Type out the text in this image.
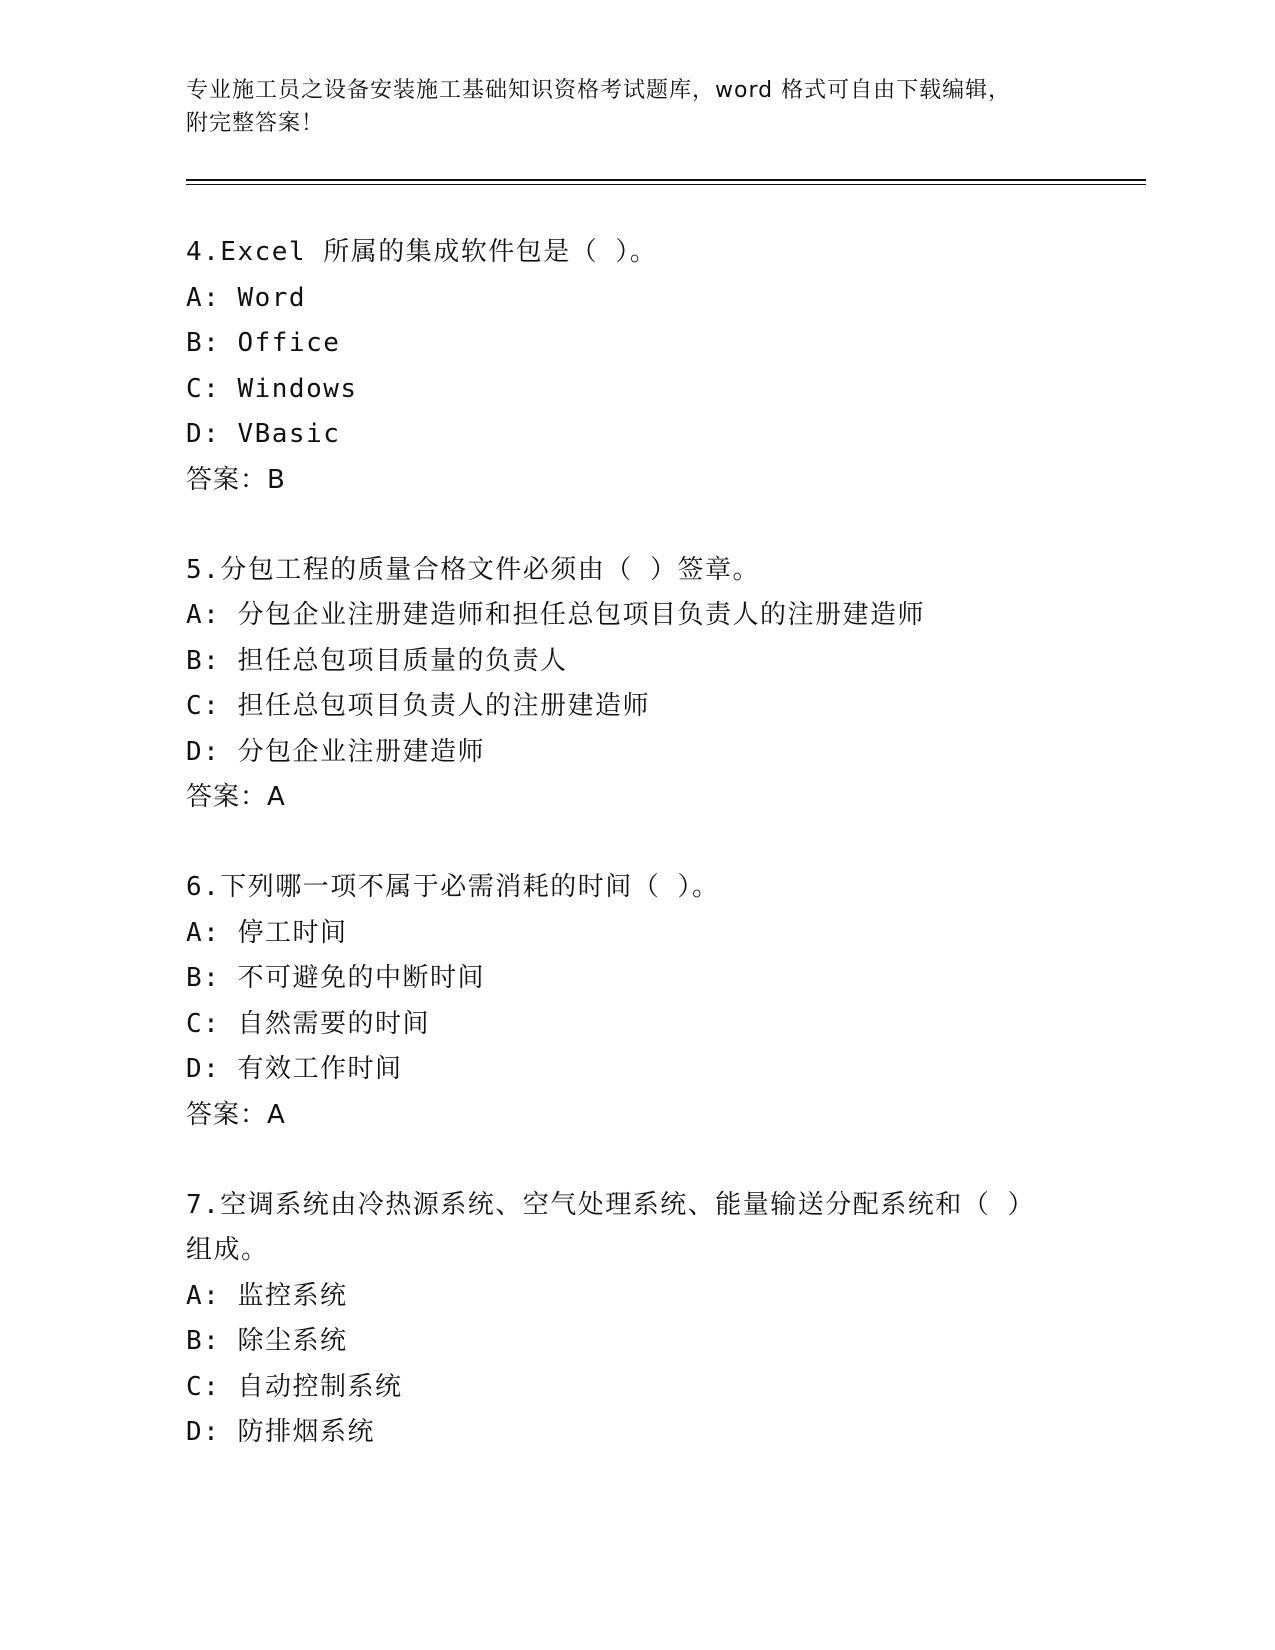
专业施工员之设备安装施工基础知识资格考试题库，word 格式可自由下载编辑，
附完整答案！
4.Excel 所属的集成软件包是（ ）。
A: Word
B: Office
C: Windows
D: VBasic
答案：B
5.分包工程的质量合格文件必须由（ ）签章。
A: 分包企业注册建造师和担任总包项目负责人的注册建造师
B: 担任总包项目质量的负责人
C: 担任总包项目负责人的注册建造师
D: 分包企业注册建造师
答案：A
6.下列哪一项不属于必需消耗的时间（ ）。
A: 停工时间
B: 不可避免的中断时间
C: 自然需要的时间
D: 有效工作时间
答案：A
7.空调系统由冷热源系统、空气处理系统、能量输送分配系统和（ ）
组成。
A: 监控系统
B: 除尘系统
C: 自动控制系统
D: 防排烟系统
